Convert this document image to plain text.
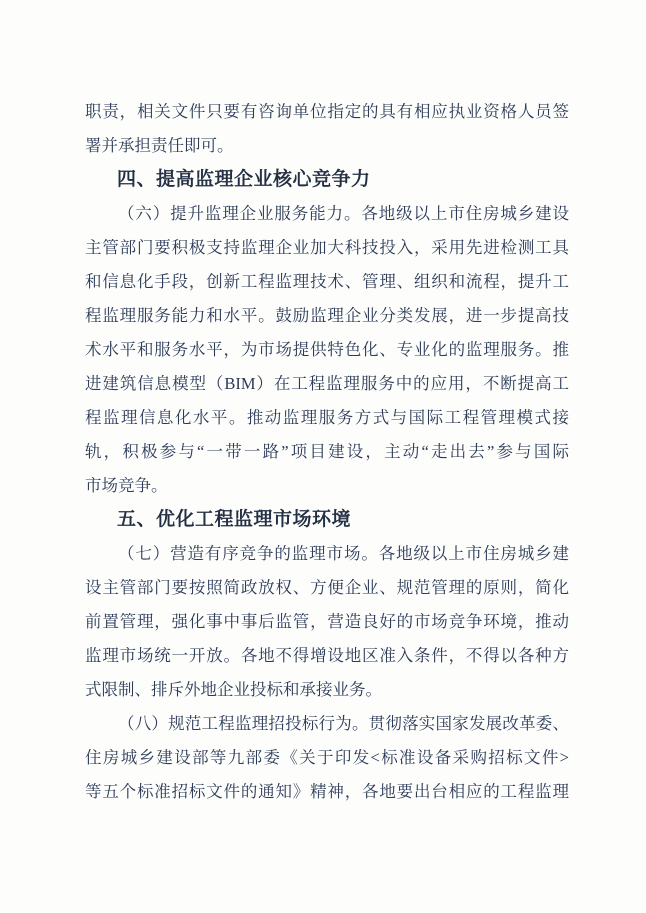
职责，相关文件只要有咨询单位指定的具有相应执业资格人员签
署并承担责任即可。
四、提高监理企业核心竞争力
（六）提升监理企业服务能力。各地级以上市住房城乡建设
主管部门要积极支持监理企业加大科技投入，采用先进检测工具
和信息化手段，创新工程监理技术、管理、组织和流程，提升工
程监理服务能力和水平。鼓励监理企业分类发展，进一步提高技
术水平和服务水平，为市场提供特色化、专业化的监理服务。推
进建筑信息模型（BIM）在工程监理服务中的应用，不断提高工
程监理信息化水平。推动监理服务方式与国际工程管理模式接
轨，积极参与“一带一路”项目建设，主动“走出去”参与国际
市场竞争。
五、优化工程监理市场环境
（七）营造有序竞争的监理市场。各地级以上市住房城乡建
设主管部门要按照简政放权、方便企业、规范管理的原则，简化
前置管理，强化事中事后监管，营造良好的市场竞争环境，推动
监理市场统一开放。各地不得增设地区准入条件，不得以各种方
式限制、排斥外地企业投标和承接业务。
（八）规范工程监理招投标行为。贯彻落实国家发展改革委、
住房城乡建设部等九部委《关于印发<标准设备采购招标文件>
等五个标准招标文件的通知》精神，各地要出台相应的工程监理
